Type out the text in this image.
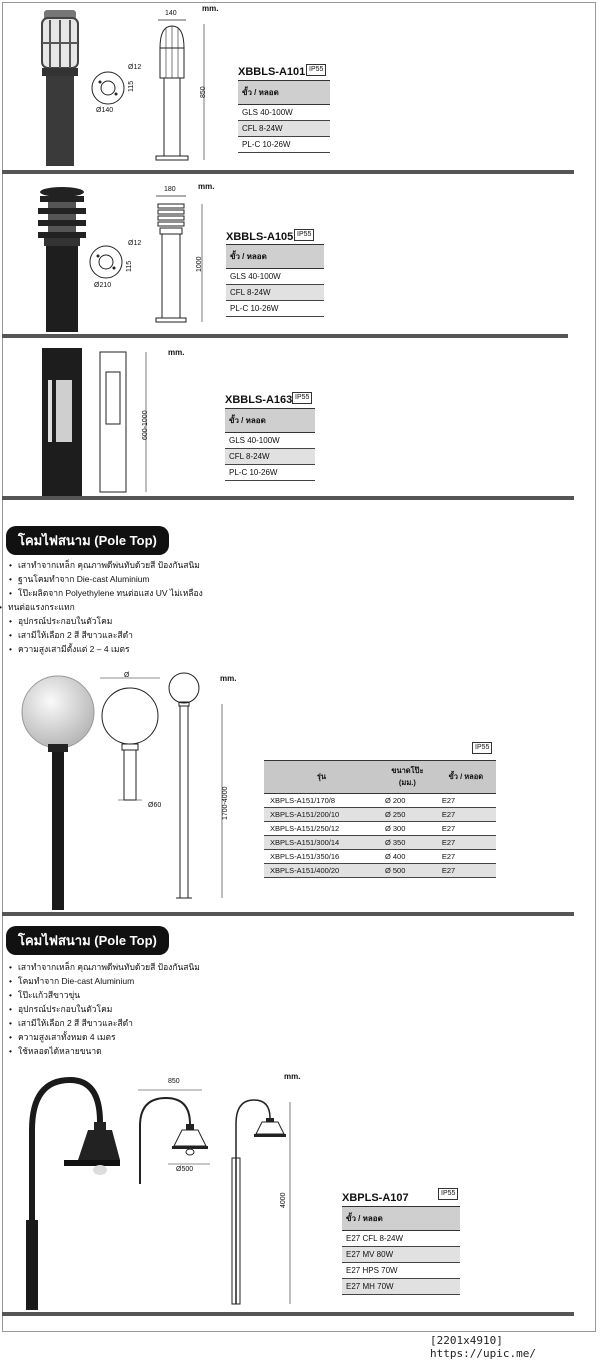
Ø12
115
Ø140
140
850
mm.
XBBLS-A101 IP55
ขั้ว / หลอด
GLS 40-100W
CFL 8-24W
PL-C 10-26W
Ø12
115
Ø210
180
1000
mm.
XBBLS-A105 IP55
ขั้ว / หลอด
GLS 40-100W
CFL 8-24W
PL-C 10-26W
600-1000
mm.
XBBLS-A163 IP55
ขั้ว / หลอด
GLS 40-100W
CFL 8-24W
PL-C 10-26W
โคมไฟสนาม (Pole Top)
• เสาทำจากเหล็ก คุณภาพดีพ่นทับด้วยสี ป้องกันสนิม
• ฐานโคมทำจาก Die-cast Aluminium
• โป๊ะผลิตจาก Polyethylene ทนต่อแสง UV ไม่เหลือง
• ทนต่อแรงกระแทก
• อุปกรณ์ประกอบในตัวโคม
• เสามีให้เลือก 2 สี สีขาวและสีดำ
• ความสูงเสามีตั้งแต่ 2 – 4 เมตร
Ø
Ø60	1700-4000
mm.
IP55
รุ่น	ขนาดโป๊ะ
(มม.)	ขั้ว / หลอด
XBPLS-A151/170/8	Ø 200	E27
XBPLS-A151/200/10	Ø 250	E27
XBPLS-A151/250/12	Ø 300	E27
XBPLS-A151/300/14	Ø 350	E27
XBPLS-A151/350/16	Ø 400	E27
XBPLS-A151/400/20	Ø 500	E27
โคมไฟสนาม (Pole Top)
• เสาทำจากเหล็ก คุณภาพดีพ่นทับด้วยสี ป้องกันสนิม
• โคมทำจาก Die-cast Aluminium
• โป๊ะแก้วสีขาวขุ่น
• อุปกรณ์ประกอบในตัวโคม
• เสามีให้เลือก 2 สี สีขาวและสีดำ
• ความสูงเสาทั้งหมด 4 เมตร
• ใช้หลอดได้หลายขนาด
850
Ø500
4000
mm.
XBPLS-A107	IP55
ขั้ว / หลอด
E27 CFL 8-24W
E27 MV 80W
E27 HPS 70W
E27 MH 70W
[2201x4910] https://upic.me/
